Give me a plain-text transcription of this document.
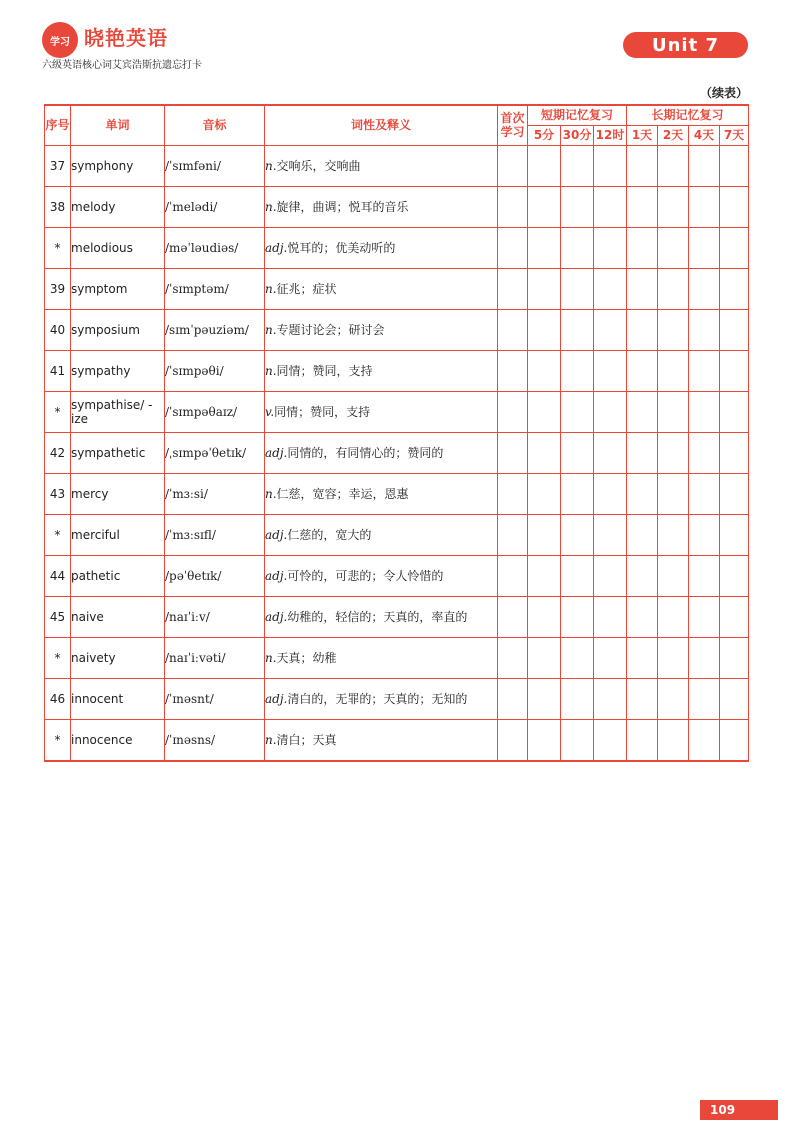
学习 晓艳英语
六级英语核心词艾宾浩斯抗遗忘打卡
Unit 7
（续表）
序号	单词	音标	词性及释义	首次学习	短期记忆复习			长期记忆复习			
					5分	30分	12时	1天	2天	4天	7天
37	symphony	/ˈsɪmfəni/	n.交响乐，交响曲								
38	melody	/ˈmelədi/	n.旋律，曲调；悦耳的音乐								
*	melodious	/məˈləudiəs/	adj.悦耳的；优美动听的								
39	symptom	/ˈsɪmptəm/	n.征兆；症状								
40	symposium	/sɪmˈpəuziəm/	n.专题讨论会；研讨会								
41	sympathy	/ˈsɪmpəθi/	n.同情；赞同，支持								
*	sympathise/ -ize	/ˈsɪmpəθaɪz/	v.同情；赞同，支持								
42	sympathetic	/ˌsɪmpəˈθetɪk/	adj.同情的，有同情心的；赞同的								
43	mercy	/ˈmɜːsi/	n.仁慈，宽容；幸运，恩惠								
*	merciful	/ˈmɜːsɪfl/	adj.仁慈的，宽大的								
44	pathetic	/pəˈθetɪk/	adj.可怜的，可悲的；令人怜惜的								
45	naive	/naɪˈiːv/	adj.幼稚的，轻信的；天真的，率直的								
*	naivety	/naɪˈiːvəti/	n.天真；幼稚								
46	innocent	/ˈɪnəsnt/	adj.清白的，无罪的；天真的；无知的								
*	innocence	/ˈɪnəsns/	n.清白；天真								
109
